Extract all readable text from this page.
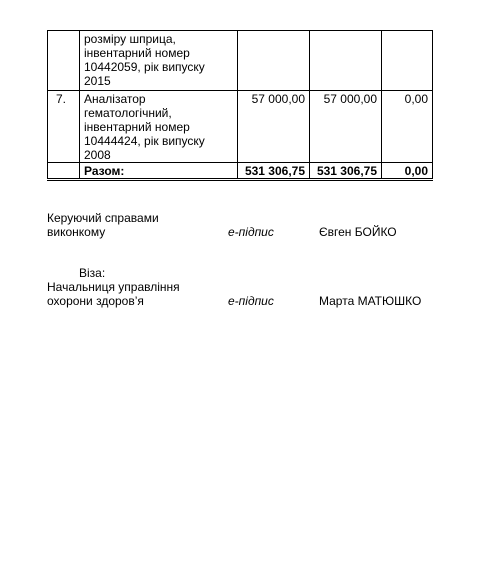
	розміру шприца, інвентарний номер 10442059, рік випуску 2015			
7.	Аналізатор гематологічний, інвентарний номер 10444424, рік випуску 2008	57 000,00	57 000,00	0,00
	Разом:	531 306,75	531 306,75	0,00
Керуючий справами
виконкому	е-підпис	Євген БОЙКО
Віза:
Начальниця управління
охорони здоров’я	е-підпис	Марта МАТЮШКО
